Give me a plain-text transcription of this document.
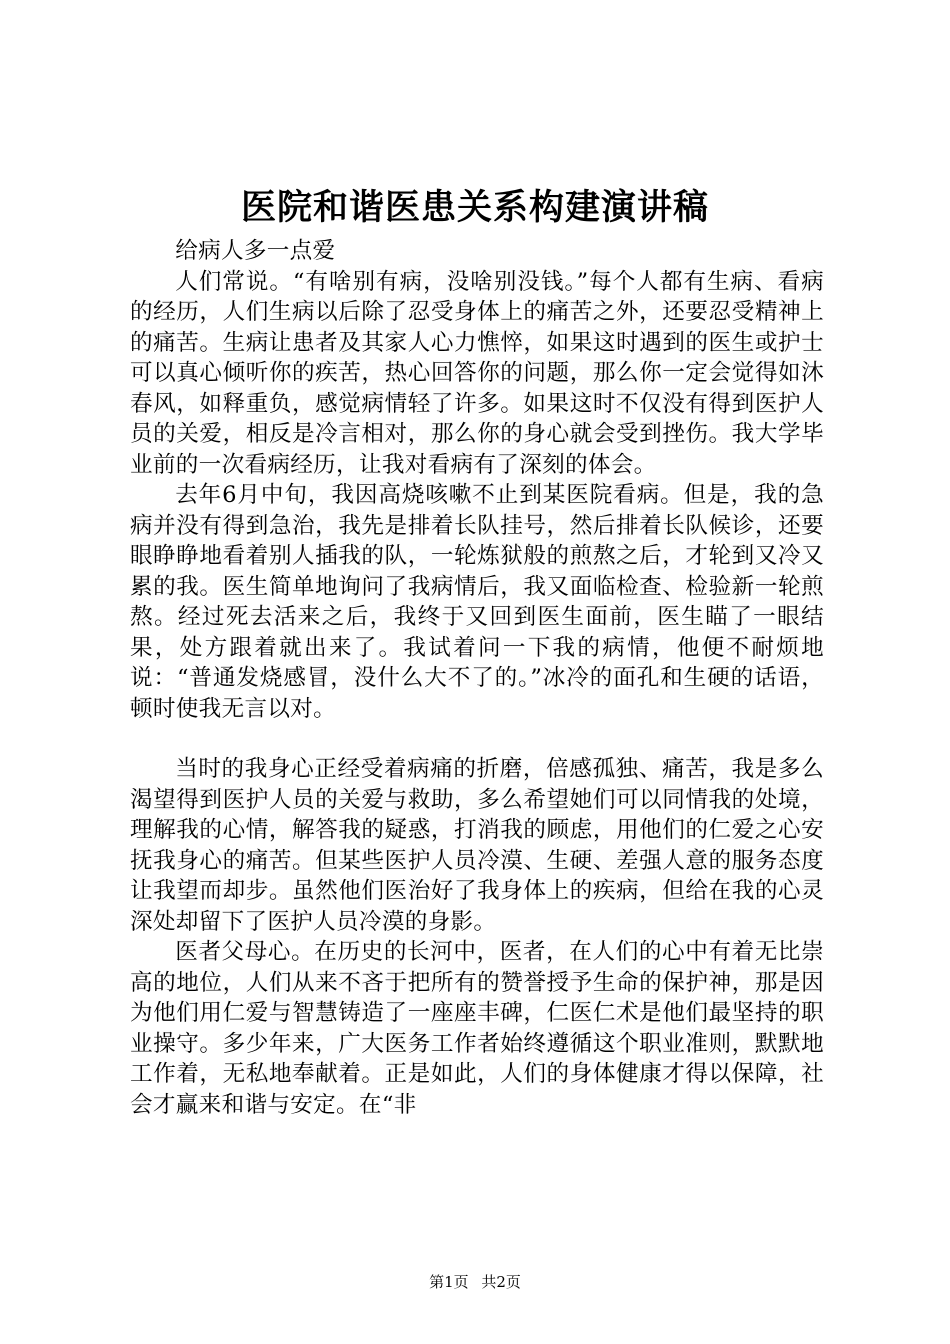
医院和谐医患关系构建演讲稿

给病人多一点爱

人们常说。“有啥别有病，没啥别没钱。”每个人都有生病、看病的经历，人们生病以后除了忍受身体上的痛苦之外，还要忍受精神上的痛苦。生病让患者及其家人心力憔悴，如果这时遇到的医生或护士可以真心倾听你的疾苦，热心回答你的问题，那么你一定会觉得如沐春风，如释重负，感觉病情轻了许多。如果这时不仅没有得到医护人员的关爱，相反是冷言相对，那么你的身心就会受到挫伤。我大学毕业前的一次看病经历，让我对看病有了深刻的体会。

去年6月中旬，我因高烧咳嗽不止到某医院看病。但是，我的急病并没有得到急治，我先是排着长队挂号，然后排着长队候诊，还要眼睁睁地看着别人插我的队，一轮炼狱般的煎熬之后，才轮到又冷又累的我。医生简单地询问了我病情后，我又面临检查、检验新一轮煎熬。经过死去活来之后，我终于又回到医生面前，医生瞄了一眼结果，处方跟着就出来了。我试着问一下我的病情，他便不耐烦地说：“普通发烧感冒，没什么大不了的。”冰冷的面孔和生硬的话语，顿时使我无言以对。

当时的我身心正经受着病痛的折磨，倍感孤独、痛苦，我是多么渴望得到医护人员的关爱与救助，多么希望她们可以同情我的处境，理解我的心情，解答我的疑惑，打消我的顾虑，用他们的仁爱之心安抚我身心的痛苦。但某些医护人员冷漠、生硬、差强人意的服务态度让我望而却步。虽然他们医治好了我身体上的疾病，但给在我的心灵深处却留下了医护人员冷漠的身影。

医者父母心。在历史的长河中，医者，在人们的心中有着无比崇高的地位，人们从来不吝于把所有的赞誉授予生命的保护神，那是因为他们用仁爱与智慧铸造了一座座丰碑，仁医仁术是他们最坚持的职业操守。多少年来，广大医务工作者始终遵循这个职业准则，默默地工作着，无私地奉献着。正是如此，人们的身体健康才得以保障，社会才赢来和谐与安定。在“非

第1页 共2页
